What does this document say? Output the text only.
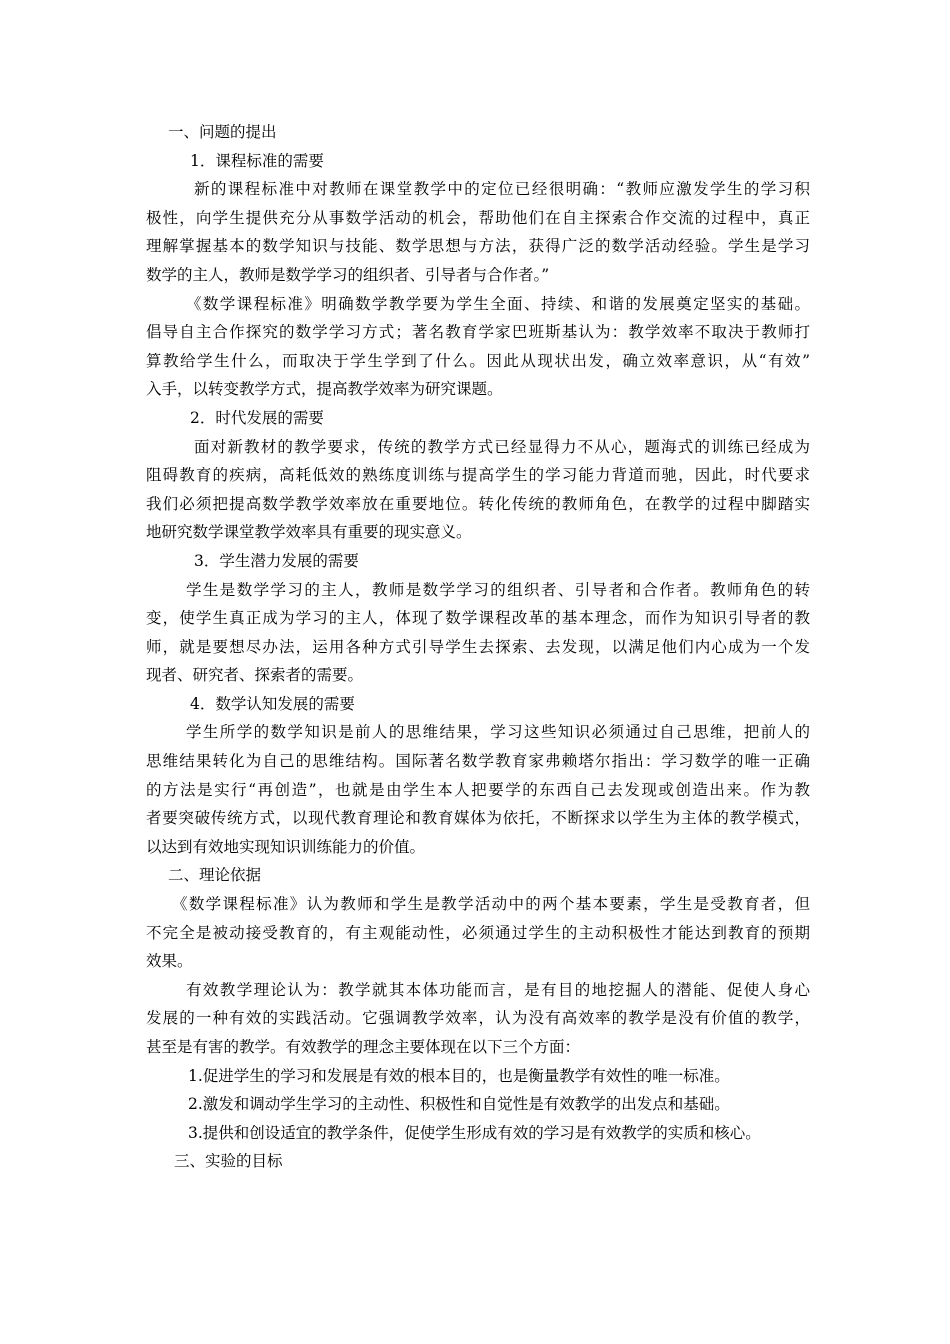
一、问题的提出
1．课程标准的需要
新的课程标准中对教师在课堂教学中的定位已经很明确：“教师应激发学生的学习积
极性，向学生提供充分从事数学活动的机会，帮助他们在自主探索合作交流的过程中，真正
理解掌握基本的数学知识与技能、数学思想与方法，获得广泛的数学活动经验。学生是学习
数学的主人，教师是数学学习的组织者、引导者与合作者。”
《数学课程标准》明确数学教学要为学生全面、持续、和谐的发展奠定坚实的基础。
倡导自主合作探究的数学学习方式；著名教育学家巴班斯基认为：教学效率不取决于教师打
算教给学生什么，而取决于学生学到了什么。因此从现状出发，确立效率意识，从“有效”
入手，以转变教学方式，提高教学效率为研究课题。
2．时代发展的需要
面对新教材的教学要求，传统的教学方式已经显得力不从心，题海式的训练已经成为
阻碍教育的疾病，高耗低效的熟练度训练与提高学生的学习能力背道而驰，因此，时代要求
我们必须把提高数学教学效率放在重要地位。转化传统的教师角色，在教学的过程中脚踏实
地研究数学课堂教学效率具有重要的现实意义。
3．学生潜力发展的需要
学生是数学学习的主人，教师是数学学习的组织者、引导者和合作者。教师角色的转
变，使学生真正成为学习的主人，体现了数学课程改革的基本理念，而作为知识引导者的教
师，就是要想尽办法，运用各种方式引导学生去探索、去发现，以满足他们内心成为一个发
现者、研究者、探索者的需要。
4．数学认知发展的需要
学生所学的数学知识是前人的思维结果，学习这些知识必须通过自己思维，把前人的
思维结果转化为自己的思维结构。国际著名数学教育家弗赖塔尔指出：学习数学的唯一正确
的方法是实行“再创造”，也就是由学生本人把要学的东西自己去发现或创造出来。作为教
者要突破传统方式，以现代教育理论和教育媒体为依托，不断探求以学生为主体的教学模式，
以达到有效地实现知识训练能力的价值。
二、理论依据
《数学课程标准》认为教师和学生是教学活动中的两个基本要素，学生是受教育者，但
不完全是被动接受教育的，有主观能动性，必须通过学生的主动积极性才能达到教育的预期
效果。
有效教学理论认为：教学就其本体功能而言，是有目的地挖掘人的潜能、促使人身心
发展的一种有效的实践活动。它强调教学效率，认为没有高效率的教学是没有价值的教学，
甚至是有害的教学。有效教学的理念主要体现在以下三个方面：
1.促进学生的学习和发展是有效的根本目的，也是衡量教学有效性的唯一标准。
2.激发和调动学生学习的主动性、积极性和自觉性是有效教学的出发点和基础。
3.提供和创设适宜的教学条件，促使学生形成有效的学习是有效教学的实质和核心。
三、实验的目标
